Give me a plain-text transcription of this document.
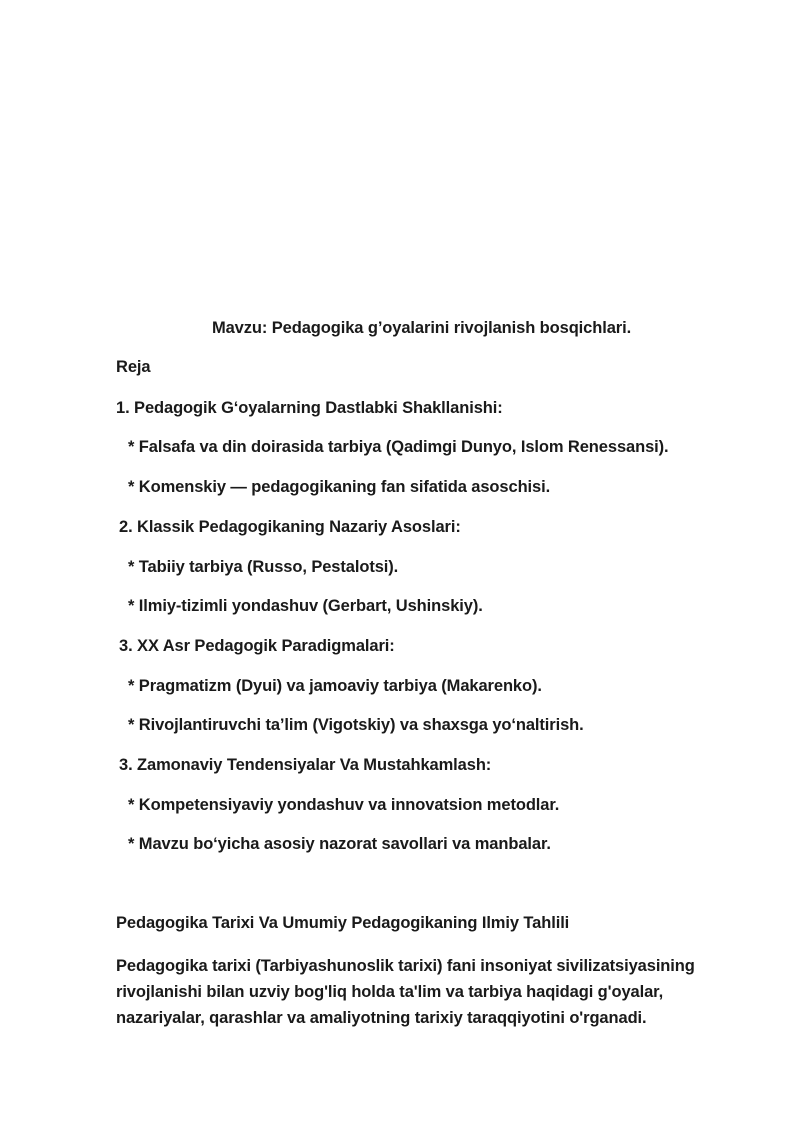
Mavzu: Pedagogika g’oyalarini rivojlanish bosqichlari.
Reja
1. Pedagogik G‘oyalarning Dastlabki Shakllanishi:
* Falsafa va din doirasida tarbiya (Qadimgi Dunyo, Islom Renessansi).
* Komenskiy — pedagogikaning fan sifatida asoschisi.
2. Klassik Pedagogikaning Nazariy Asoslari:
* Tabiiy tarbiya (Russo, Pestalotsi).
* Ilmiy-tizimli yondashuv (Gerbart, Ushinskiy).
3. XX Asr Pedagogik Paradigmalari:
* Pragmatizm (Dyui) va jamoaviy tarbiya (Makarenko).
* Rivojlantiruvchi ta’lim (Vigotskiy) va shaxsga yo‘naltirish.
3. Zamonaviy Tendensiyalar Va Mustahkamlash:
* Kompetensiyaviy yondashuv va innovatsion metodlar.
* Mavzu bo‘yicha asosiy nazorat savollari va manbalar.
Pedagogika Tarixi Va Umumiy Pedagogikaning Ilmiy Tahlili
Pedagogika tarixi (Tarbiyashunoslik tarixi) fani insoniyat sivilizatsiyasining
rivojlanishi bilan uzviy bog'liq holda ta'lim va tarbiya haqidagi g'oyalar,
nazariyalar, qarashlar va amaliyotning tarixiy taraqqiyotini o'rganadi.
